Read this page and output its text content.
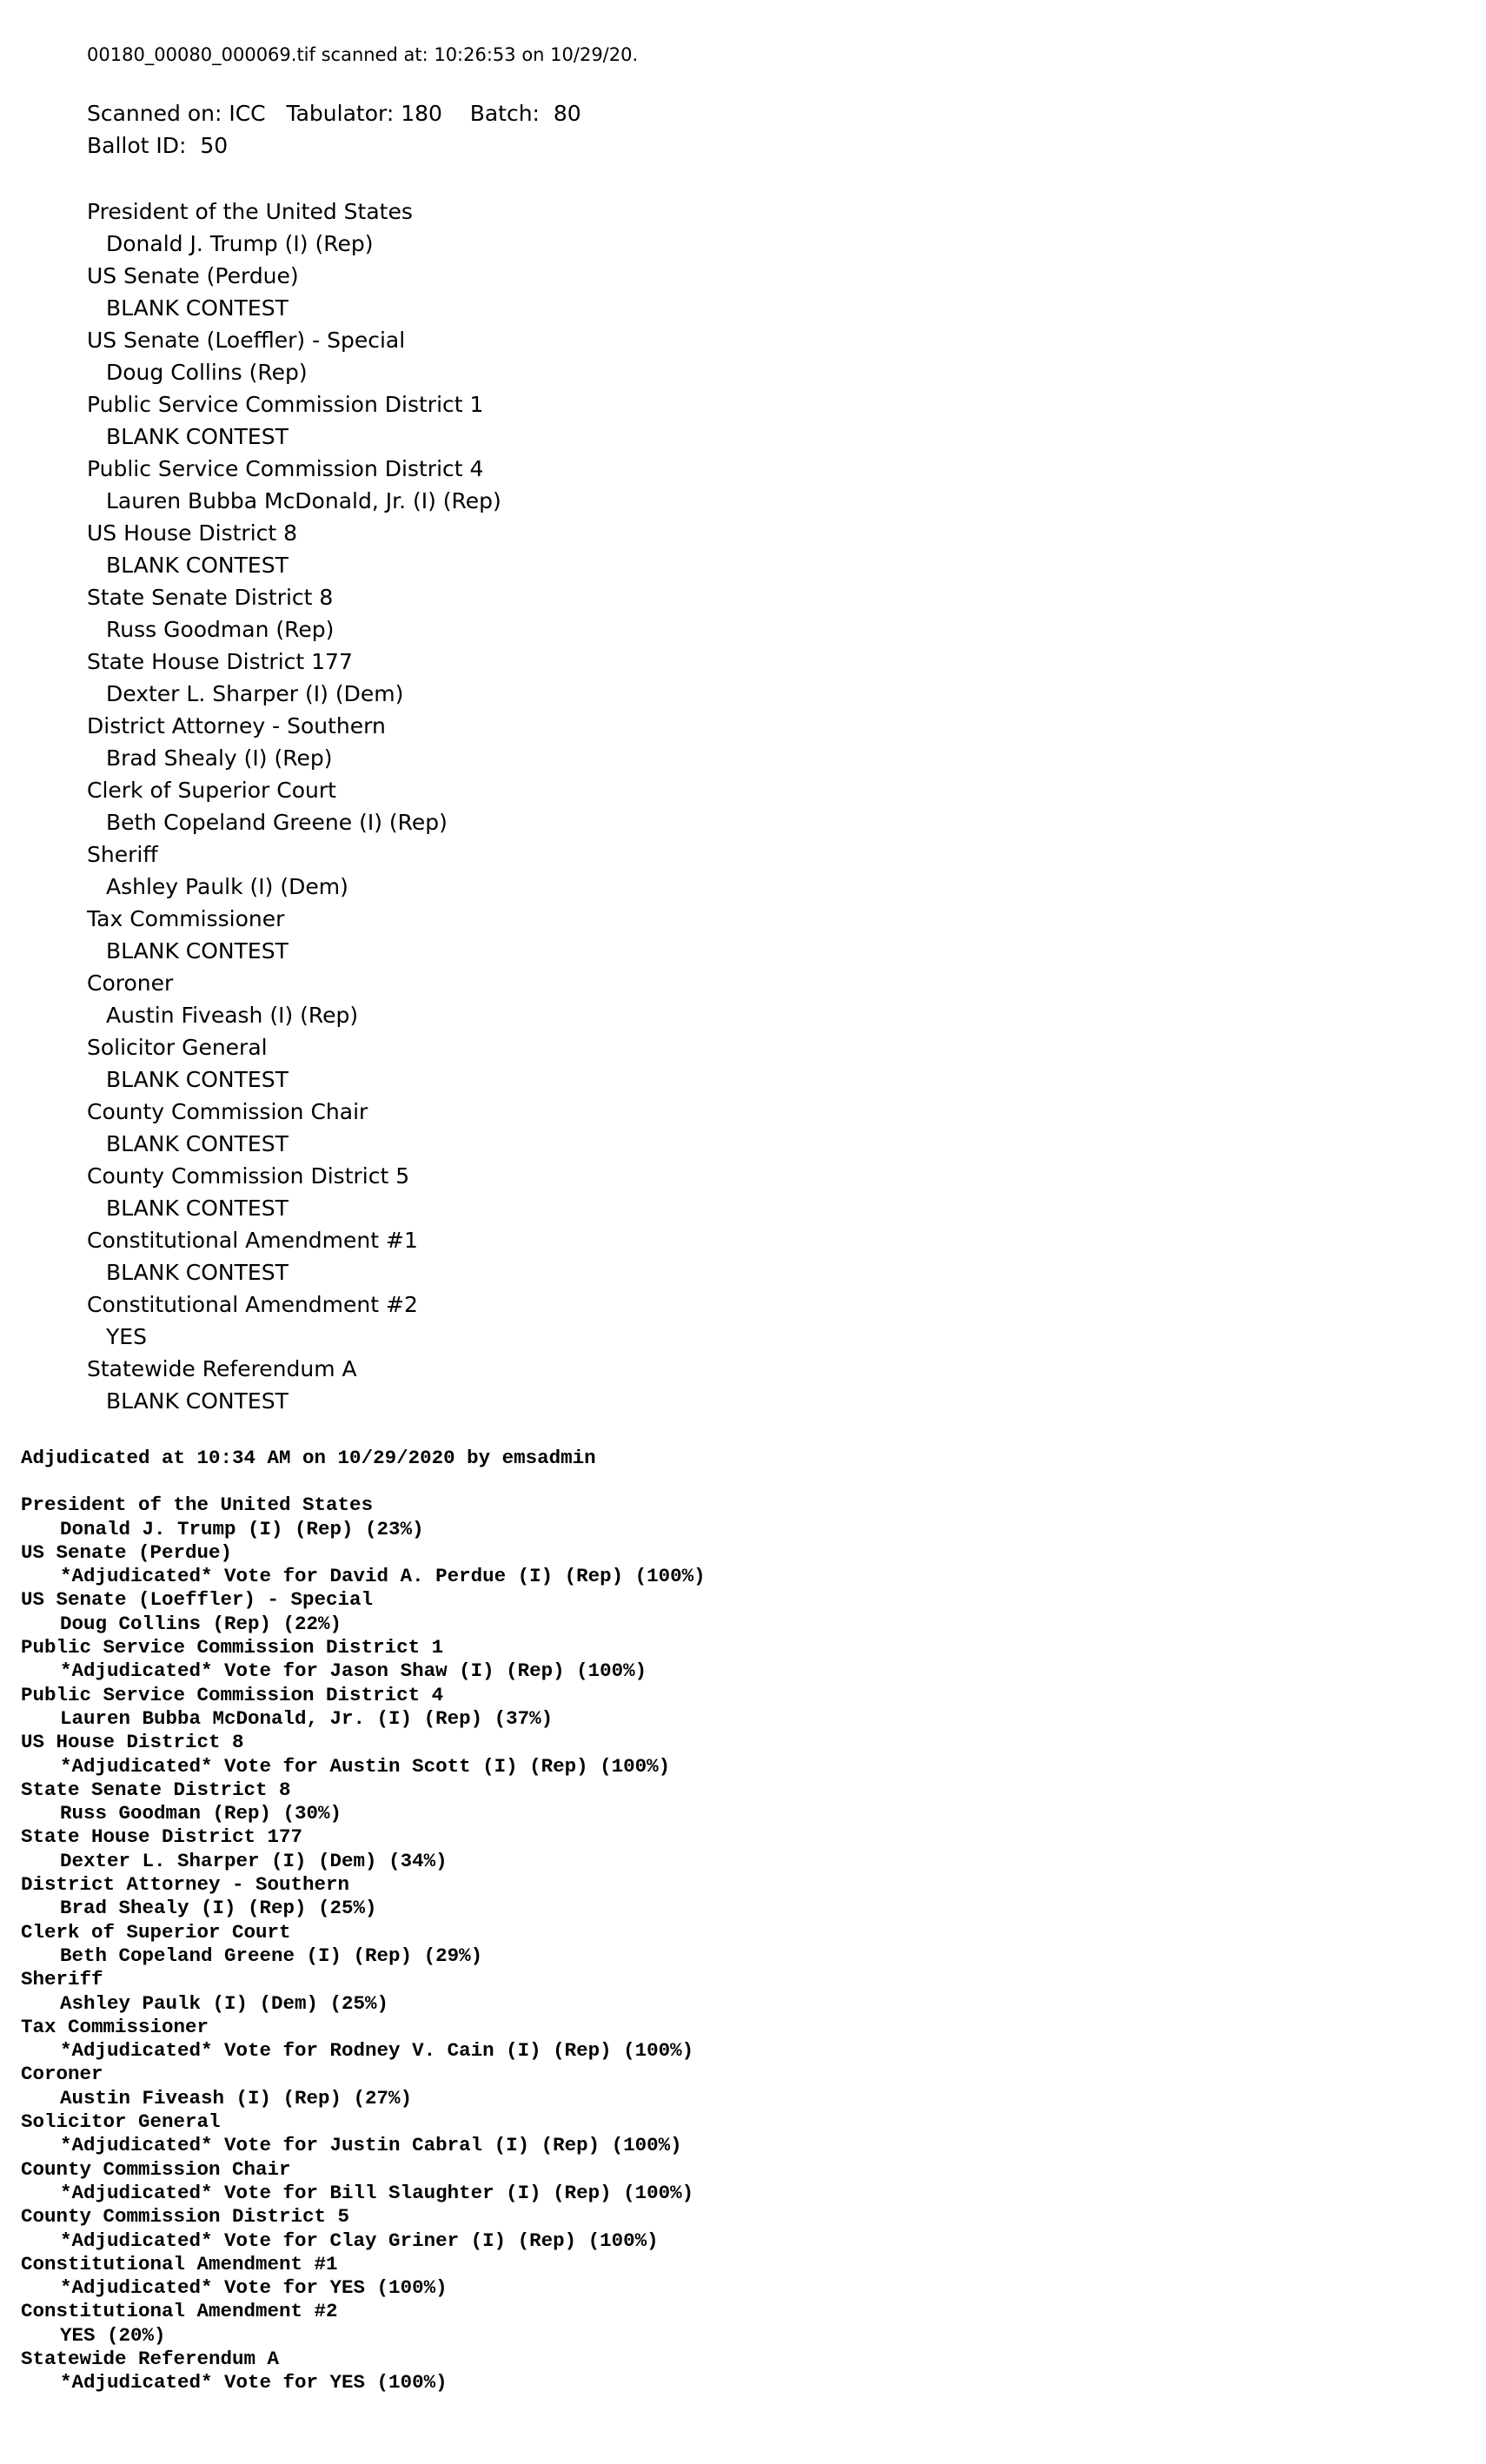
00180_00080_000069.tif scanned at: 10:26:53 on 10/29/20.
Scanned on: ICC   Tabulator: 180    Batch:  80
Ballot ID:  50
President of the United States
Donald J. Trump (I) (Rep)
US Senate (Perdue)
BLANK CONTEST
US Senate (Loeffler) - Special
Doug Collins (Rep)
Public Service Commission District 1
BLANK CONTEST
Public Service Commission District 4
Lauren Bubba McDonald, Jr. (I) (Rep)
US House District 8
BLANK CONTEST
State Senate District 8
Russ Goodman (Rep)
State House District 177
Dexter L. Sharper (I) (Dem)
District Attorney - Southern
Brad Shealy (I) (Rep)
Clerk of Superior Court
Beth Copeland Greene (I) (Rep)
Sheriff
Ashley Paulk (I) (Dem)
Tax Commissioner
BLANK CONTEST
Coroner
Austin Fiveash (I) (Rep)
Solicitor General
BLANK CONTEST
County Commission Chair
BLANK CONTEST
County Commission District 5
BLANK CONTEST
Constitutional Amendment #1
BLANK CONTEST
Constitutional Amendment #2
YES
Statewide Referendum A
BLANK CONTEST
Adjudicated at 10:34 AM on 10/29/2020 by emsadmin
President of the United States
Donald J. Trump (I) (Rep) (23%)
US Senate (Perdue)
*Adjudicated* Vote for David A. Perdue (I) (Rep) (100%)
US Senate (Loeffler) - Special
Doug Collins (Rep) (22%)
Public Service Commission District 1
*Adjudicated* Vote for Jason Shaw (I) (Rep) (100%)
Public Service Commission District 4
Lauren Bubba McDonald, Jr. (I) (Rep) (37%)
US House District 8
*Adjudicated* Vote for Austin Scott (I) (Rep) (100%)
State Senate District 8
Russ Goodman (Rep) (30%)
State House District 177
Dexter L. Sharper (I) (Dem) (34%)
District Attorney - Southern
Brad Shealy (I) (Rep) (25%)
Clerk of Superior Court
Beth Copeland Greene (I) (Rep) (29%)
Sheriff
Ashley Paulk (I) (Dem) (25%)
Tax Commissioner
*Adjudicated* Vote for Rodney V. Cain (I) (Rep) (100%)
Coroner
Austin Fiveash (I) (Rep) (27%)
Solicitor General
*Adjudicated* Vote for Justin Cabral (I) (Rep) (100%)
County Commission Chair
*Adjudicated* Vote for Bill Slaughter (I) (Rep) (100%)
County Commission District 5
*Adjudicated* Vote for Clay Griner (I) (Rep) (100%)
Constitutional Amendment #1
*Adjudicated* Vote for YES (100%)
Constitutional Amendment #2
YES (20%)
Statewide Referendum A
*Adjudicated* Vote for YES (100%)
